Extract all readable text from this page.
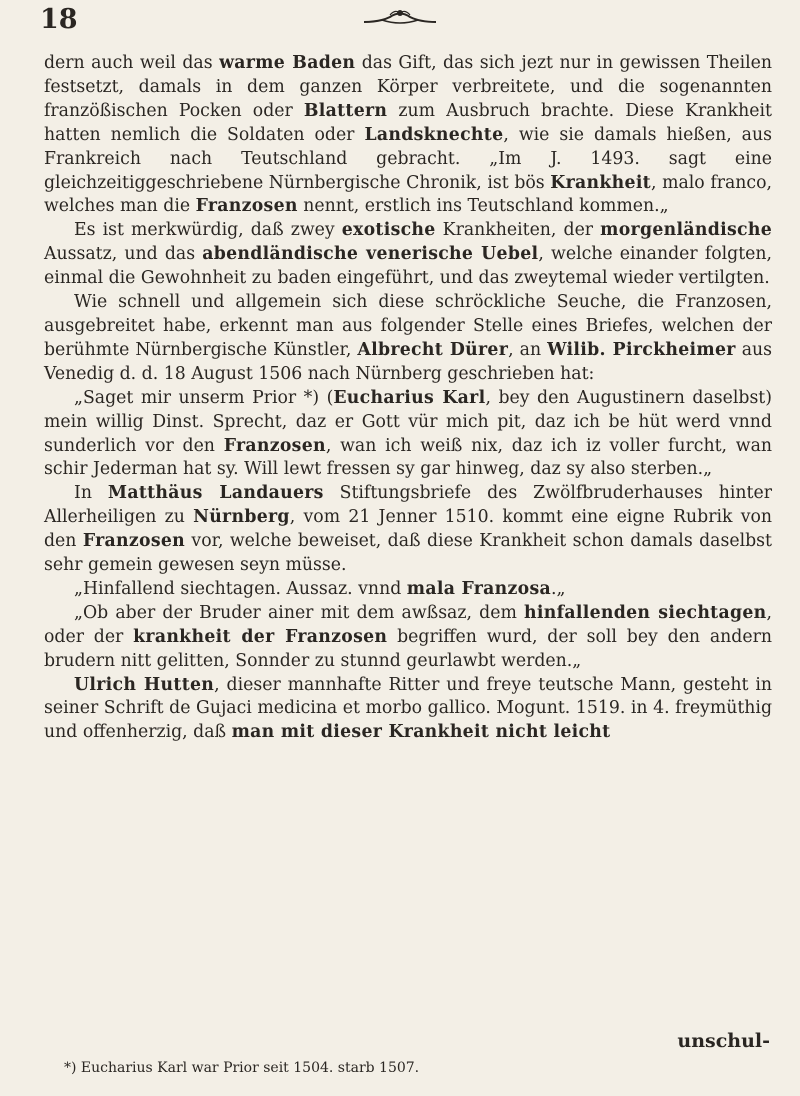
18

dern auch weil das warme Baden das Gift, das sich jezt nur in gewissen Theilen festsetzt, damals in dem ganzen Körper verbreitete, und die sogenannten franzößischen Pocken oder Blattern zum Ausbruch brachte. Diese Krankheit hatten nemlich die Soldaten oder Landsknechte, wie sie damals hießen, aus Frankreich nach Teutschland gebracht. „Im J. 1493. sagt eine gleichzeitiggeschriebene Nürnbergische Chronik, ist bös Krankheit, malo franco, welches man die Franzosen nennt, erstlich ins Teutschland kommen.„

Es ist merkwürdig, daß zwey exotische Krankheiten, der morgenländische Aussatz, und das abendländische venerische Uebel, welche einander folgten, einmal die Gewohnheit zu baden eingeführt, und das zweytemal wieder vertilgten.

Wie schnell und allgemein sich diese schröckliche Seuche, die Franzosen, ausgebreitet habe, erkennt man aus folgender Stelle eines Briefes, welchen der berühmte Nürnbergische Künstler, Albrecht Dürer, an Wilib. Pirckheimer aus Venedig d. d. 18 August 1506 nach Nürnberg geschrieben hat:

„Saget mir unserm Prior *) (Eucharius Karl, bey den Augustinern daselbst) mein willig Dinst. Sprecht, daz er Gott vür mich pit, daz ich be hüt werd vnnd sunderlich vor den Franzosen, wan ich weiß nix, daz ich iz voller furcht, wan schir Jederman hat sy. Will lewt fressen sy gar hinweg, daz sy also sterben.„

In Matthäus Landauers Stiftungsbriefe des Zwölfbruderhauses hinter Allerheiligen zu Nürnberg, vom 21 Jenner 1510. kommt eine eigne Rubrik von den Franzosen vor, welche beweiset, daß diese Krankheit schon damals daselbst sehr gemein gewesen seyn müsse.

„Hinfallend siechtagen. Aussaz. vnnd mala Franzosa.„

„Ob aber der Bruder ainer mit dem awßsaz, dem hinfallenden siechtagen, oder der krankheit der Franzosen begriffen wurd, der soll bey den andern brudern nitt gelitten, Sonnder zu stunnd geurlawbt werden.„

Ulrich Hutten, dieser mannhafte Ritter und freye teutsche Mann, gesteht in seiner Schrift de Gujaci medicina et morbo gallico. Mogunt. 1519. in 4. freymüthig und offenherzig, daß man mit dieser Krankheit nicht leicht

unschul-
*) Eucharius Karl war Prior seit 1504. starb 1507.
